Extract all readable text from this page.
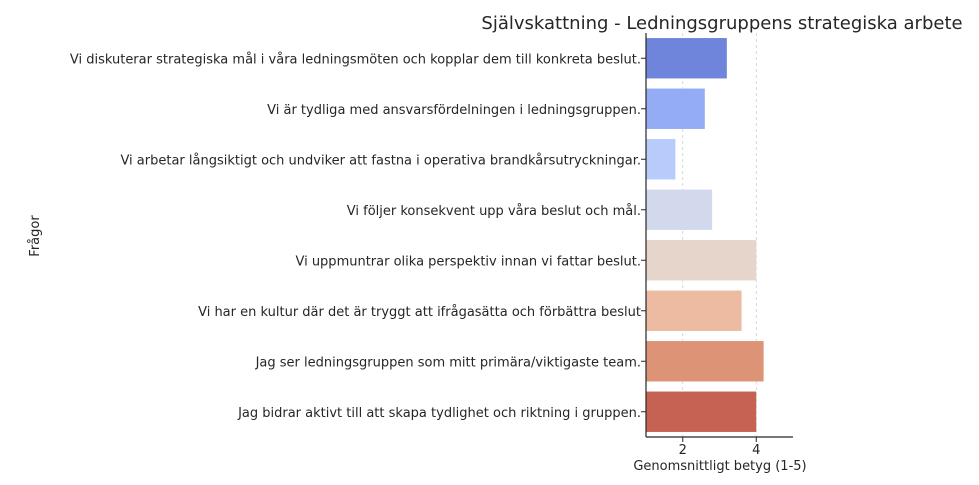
Självskattning - Ledningsgruppens strategiska arbete
Vi diskuterar strategiska mål i våra ledningsmöten och kopplar dem till konkreta beslut.
Vi är tydliga med ansvarsfördelningen i ledningsgruppen.
Vi arbetar långsiktigt och undviker att fastna i operativa brandkårsutryckningar.
Vi följer konsekvent upp våra beslut och mål.
Vi uppmuntrar olika perspektiv innan vi fattar beslut.
Vi har en kultur där det är tryggt att ifrågasätta och förbättra beslut
Jag ser ledningsgruppen som mitt primära/viktigaste team.
Jag bidrar aktivt till att skapa tydlighet och riktning i gruppen.
2	4
Genomsnittligt betyg (1-5)
Frågor
